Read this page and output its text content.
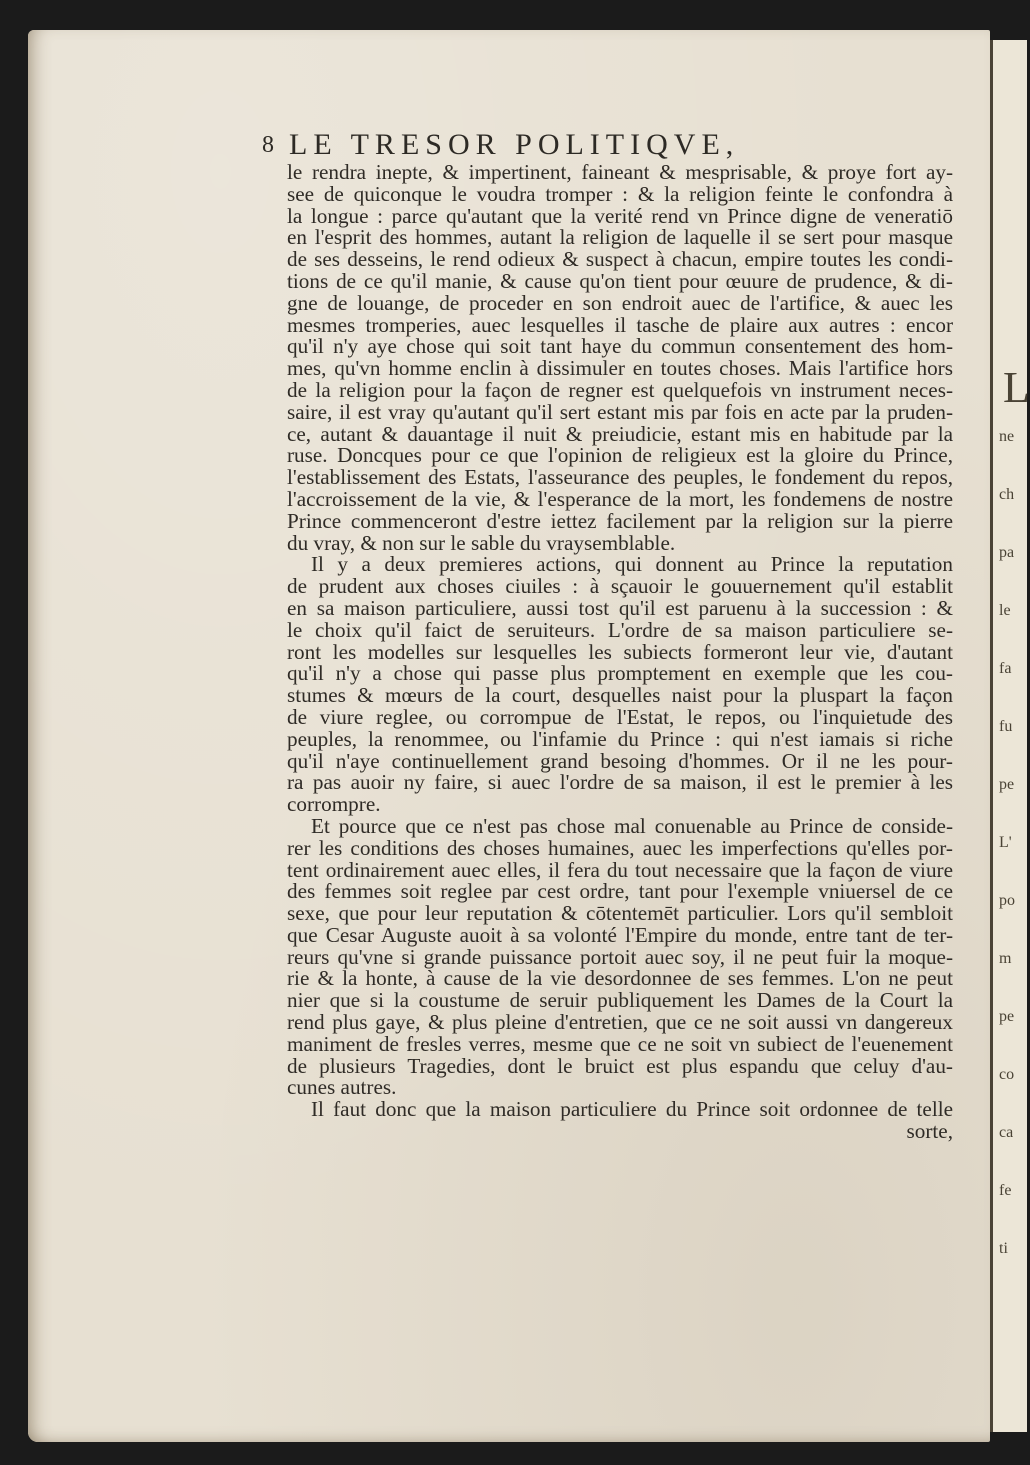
L
ne
ch
pa
le
fa
fu
pe
L'
po
m
pe
co
ca
fe
ti
8 LE TRESOR POLITIQVE,
le rendra inepte, & impertinent, faineant & mesprisable, & proye fort ay-
see de quiconque le voudra tromper : & la religion feinte le confondra à
la longue : parce qu'autant que la verité rend vn Prince digne de veneratiō
en l'esprit des hommes, autant la religion de laquelle il se sert pour masque
de ses desseins, le rend odieux & suspect à chacun, empire toutes les condi-
tions de ce qu'il manie, & cause qu'on tient pour œuure de prudence, & di-
gne de louange, de proceder en son endroit auec de l'artifice, & auec les
mesmes tromperies, auec lesquelles il tasche de plaire aux autres : encor
qu'il n'y aye chose qui soit tant haye du commun consentement des hom-
mes, qu'vn homme enclin à dissimuler en toutes choses. Mais l'artifice hors
de la religion pour la façon de regner est quelquefois vn instrument neces-
saire, il est vray qu'autant qu'il sert estant mis par fois en acte par la pruden-
ce, autant & dauantage il nuit & preiudicie, estant mis en habitude par la
ruse. Doncques pour ce que l'opinion de religieux est la gloire du Prince,
l'establissement des Estats, l'asseurance des peuples, le fondement du repos,
l'accroissement de la vie, & l'esperance de la mort, les fondemens de nostre
Prince commenceront d'estre iettez facilement par la religion sur la pierre
du vray, & non sur le sable du vraysemblable.
Il y a deux premieres actions, qui donnent au Prince la reputation
de prudent aux choses ciuiles : à sçauoir le gouuernement qu'il establit
en sa maison particuliere, aussi tost qu'il est paruenu à la succession : &
le choix qu'il faict de seruiteurs. L'ordre de sa maison particuliere se-
ront les modelles sur lesquelles les subiects formeront leur vie, d'autant
qu'il n'y a chose qui passe plus promptement en exemple que les cou-
stumes & mœurs de la court, desquelles naist pour la pluspart la façon
de viure reglee, ou corrompue de l'Estat, le repos, ou l'inquietude des
peuples, la renommee, ou l'infamie du Prince : qui n'est iamais si riche
qu'il n'aye continuellement grand besoing d'hommes. Or il ne les pour-
ra pas auoir ny faire, si auec l'ordre de sa maison, il est le premier à les
corrompre.
Et pource que ce n'est pas chose mal conuenable au Prince de conside-
rer les conditions des choses humaines, auec les imperfections qu'elles por-
tent ordinairement auec elles, il fera du tout necessaire que la façon de viure
des femmes soit reglee par cest ordre, tant pour l'exemple vniuersel de ce
sexe, que pour leur reputation & cōtentemēt particulier. Lors qu'il sembloit
que Cesar Auguste auoit à sa volonté l'Empire du monde, entre tant de ter-
reurs qu'vne si grande puissance portoit auec soy, il ne peut fuir la moque-
rie & la honte, à cause de la vie desordonnee de ses femmes. L'on ne peut
nier que si la coustume de seruir publiquement les Dames de la Court la
rend plus gaye, & plus pleine d'entretien, que ce ne soit aussi vn dangereux
maniment de fresles verres, mesme que ce ne soit vn subiect de l'euenement
de plusieurs Tragedies, dont le bruict est plus espandu que celuy d'au-
cunes autres.
Il faut donc que la maison particuliere du Prince soit ordonnee de telle
sorte,
